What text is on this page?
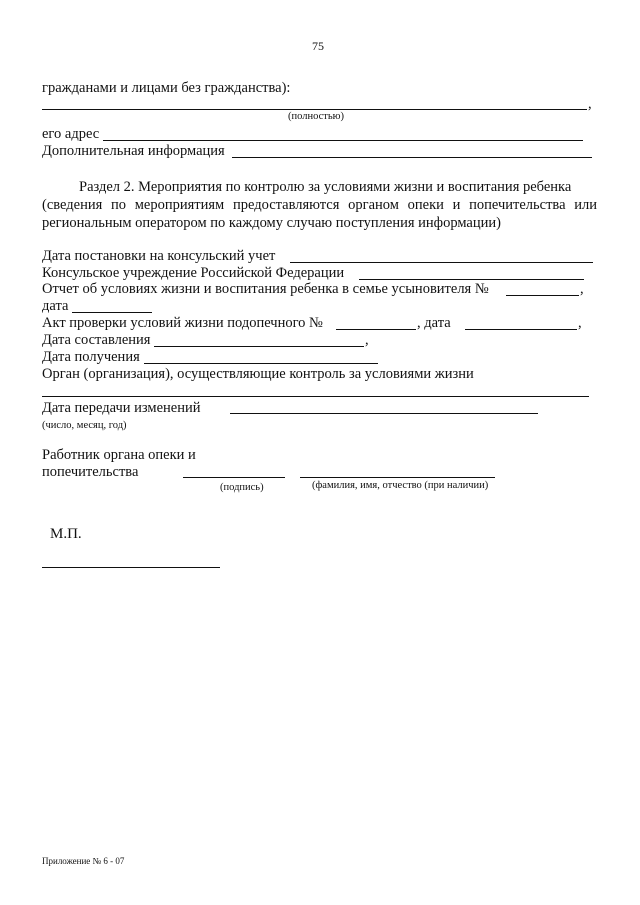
75
гражданами и лицами без гражданства):
,
(полностью)
его адрес
Дополнительная информация
Раздел 2. Мероприятия по контролю за условиями жизни и воспитания ребенка
(сведения по мероприятиям предоставляются органом опеки и попечительства или региональным оператором по каждому случаю поступления информации)
Дата постановки на консульский учет
Консульское учреждение Российской Федерации
Отчет об условиях жизни и воспитания ребенка в семье усыновителя №	,
дата
Акт проверки условий жизни подопечного №	, дата	,
Дата составления	,
Дата получения
Орган (организация), осуществляющие контроль за условиями жизни
Дата передачи изменений
(число, месяц, год)
Работник органа опеки и
попечительства
(подпись)	(фамилия, имя, отчество (при наличии)
М.П.
Приложение № 6 - 07
